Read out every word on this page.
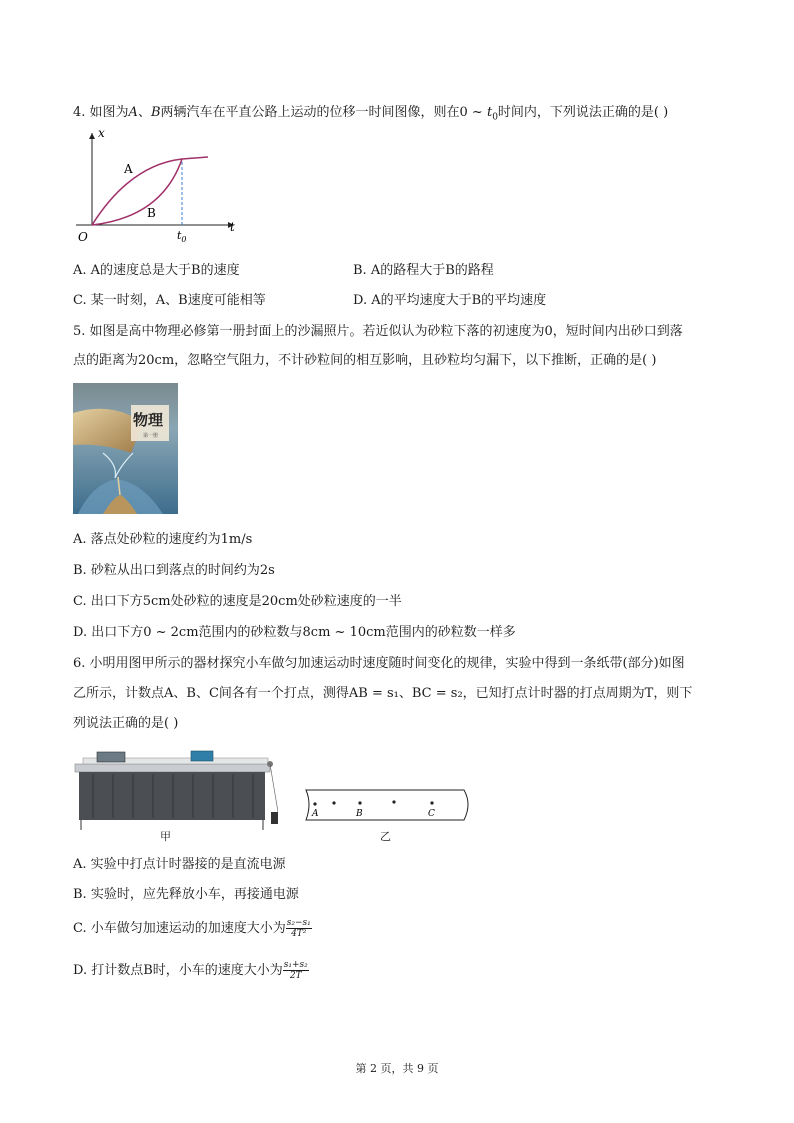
4. 如图为A、B两辆汽车在平直公路上运动的位移一时间图像，则在0 ~ $t_0$时间内，下列说法正确的是( )
x
t
O	$t_0$
A
B
A. A的速度总是大于B的速度	B. A的路程大于B的路程
C. 某一时刻，A、B速度可能相等	D. A的平均速度大于B的平均速度
5. 如图是高中物理必修第一册封面上的沙漏照片。若近似认为砂粒下落的初速度为0，短时间内出砂口到落
点的距离为20cm，忽略空气阻力，不计砂粒间的相互影响，且砂粒均匀漏下，以下推断，正确的是( )
物理
第一册
A. 落点处砂粒的速度约为1m/s
B. 砂粒从出口到落点的时间约为2s
C. 出口下方5cm处砂粒的速度是20cm处砂粒速度的一半
D. 出口下方0 ~ 2cm范围内的砂粒数与8cm ~ 10cm范围内的砂粒数一样多
6. 小明用图甲所示的器材探究小车做匀加速运动时速度随时间变化的规律，实验中得到一条纸带(部分)如图
乙所示，计数点A、B、C间各有一个打点，测得AB = s₁、BC = s₂，已知打点计时器的打点周期为T，则下
列说法正确的是( )
A	B	C
甲	乙
A. 实验中打点计时器接的是直流电源
B. 实验时，应先释放小车，再接通电源
C. 小车做匀加速运动的加速度大小为 $\frac{\text{s₂−s₁}}{\text{4T²}}$
D. 打计数点B时，小车的速度大小为 $\frac{\text{s₁+s₂}}{2T}$
第 2 页，共 9 页
